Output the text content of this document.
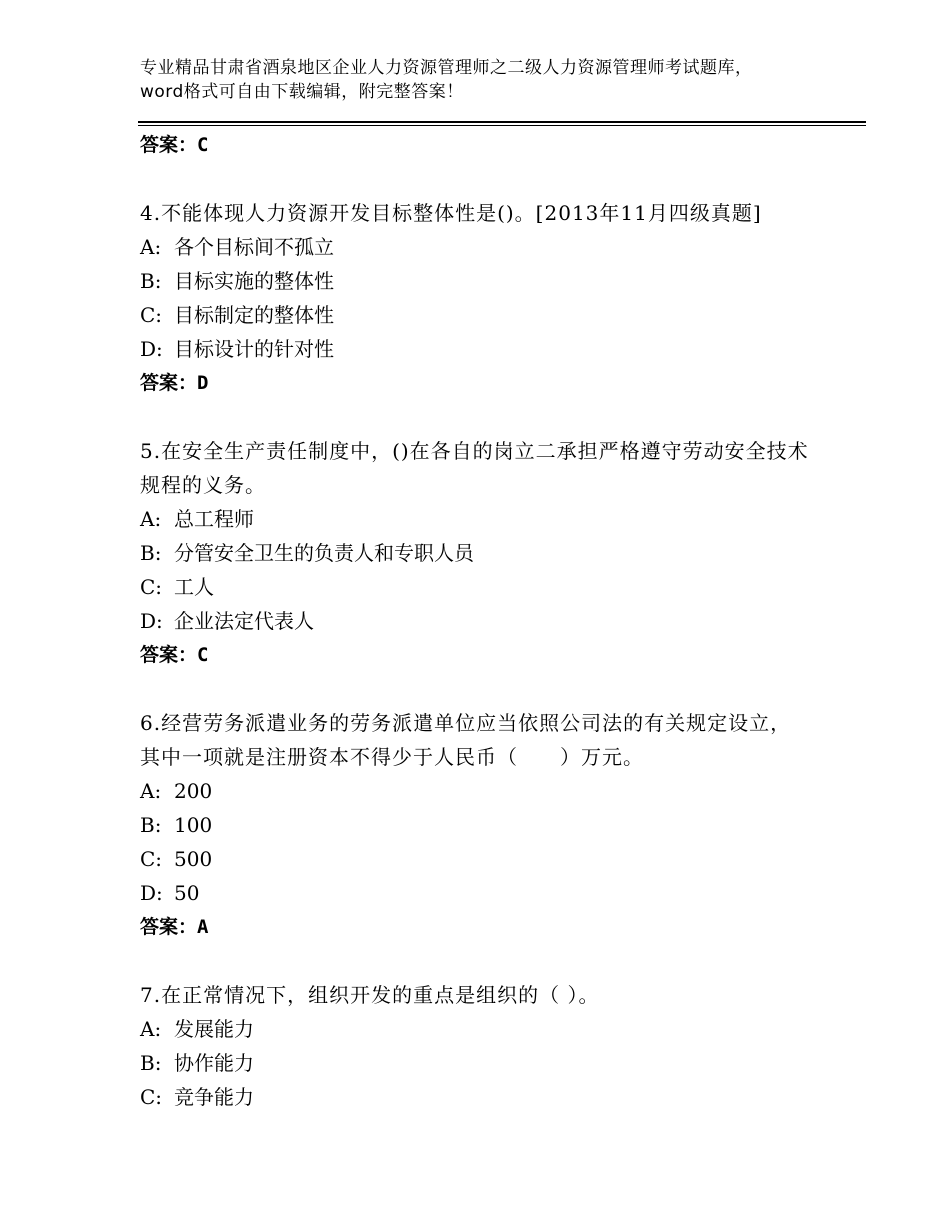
专业精品甘肃省酒泉地区企业人力资源管理师之二级人力资源管理师考试题库，word格式可自由下载编辑，附完整答案！
答案：C
4.不能体现人力资源开发目标整体性是()。[2013年11月四级真题]
A: 各个目标间不孤立
B: 目标实施的整体性
C: 目标制定的整体性
D: 目标设计的针对性
答案：D
5.在安全生产责任制度中，()在各自的岗立二承担严格遵守劳动安全技术规程的义务。
A: 总工程师
B: 分管安全卫生的负责人和专职人员
C: 工人
D: 企业法定代表人
答案：C
6.经营劳务派遣业务的劳务派遣单位应当依照公司法的有关规定设立，其中一项就是注册资本不得少于人民币（　　）万元。
A: 200
B: 100
C: 500
D: 50
答案：A
7.在正常情况下，组织开发的重点是组织的（ ）。
A: 发展能力
B: 协作能力
C: 竞争能力
